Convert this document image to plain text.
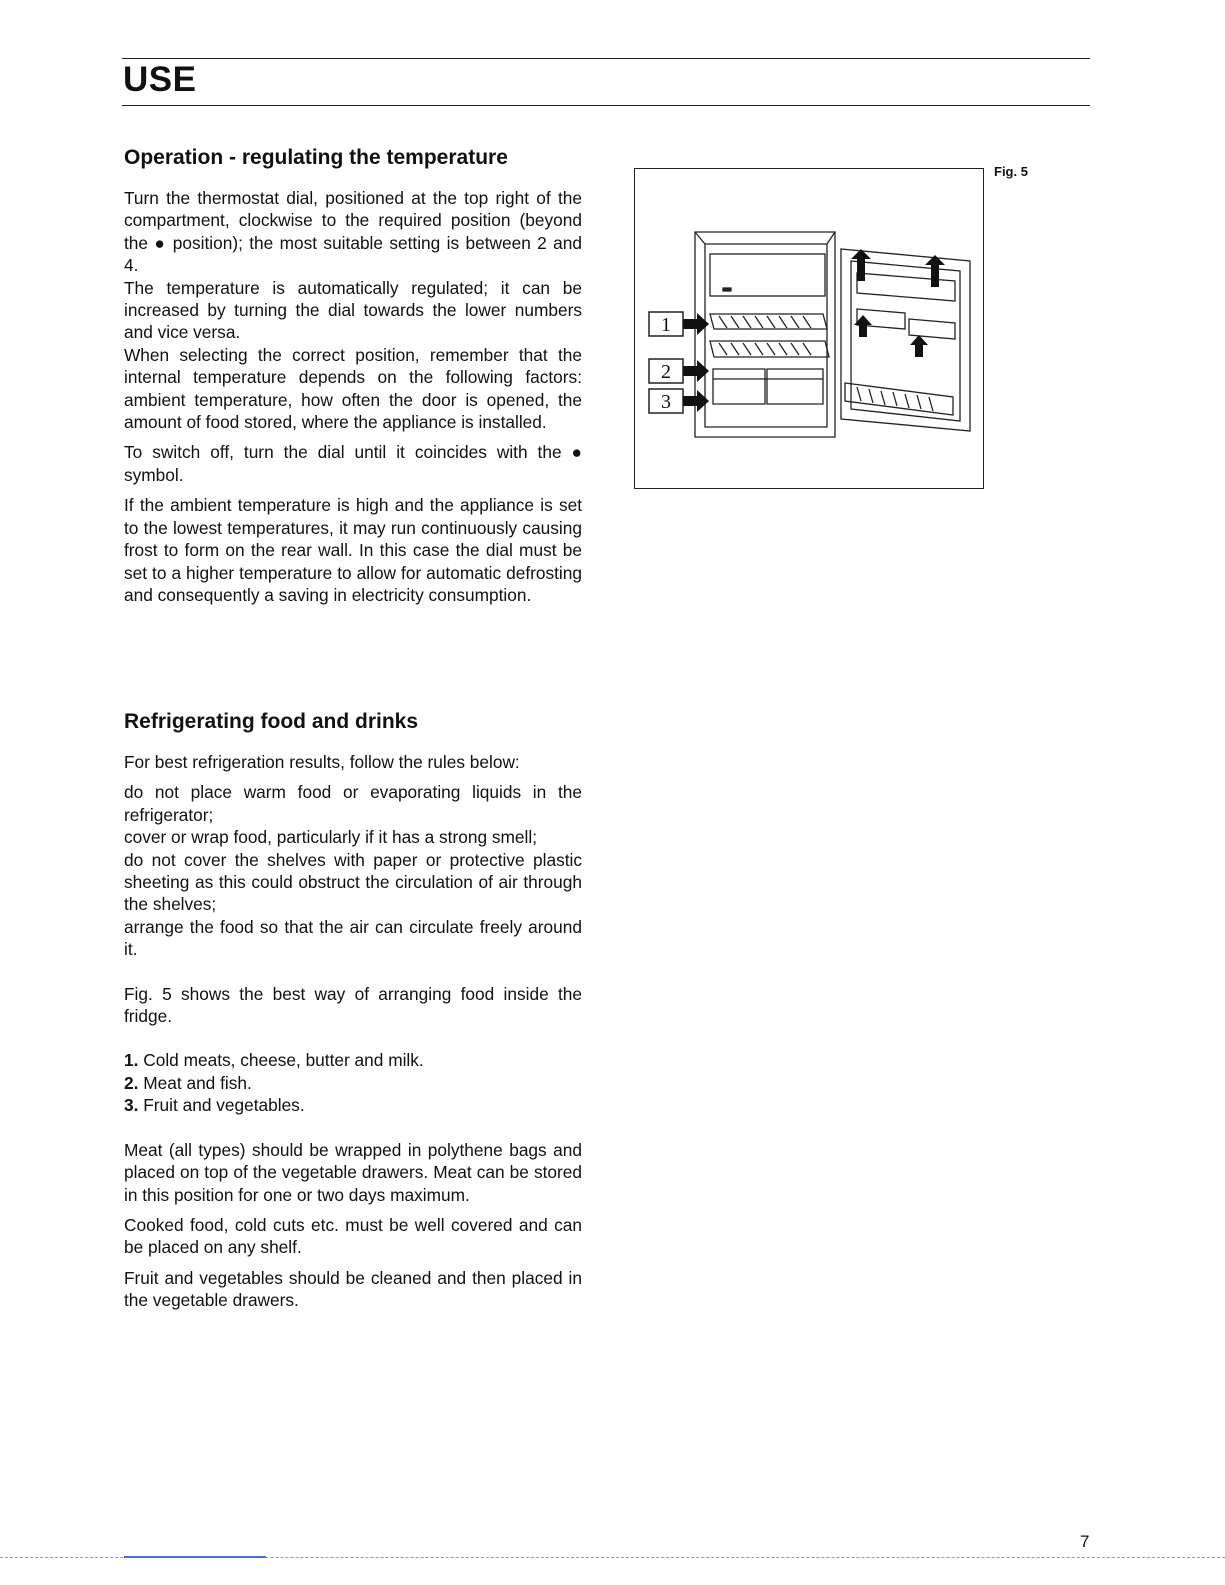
USE
Operation - regulating the temperature

Turn the thermostat dial, positioned at the top right of the compartment, clockwise to the required position (beyond the ● position); the most suitable setting is between 2 and 4.

The temperature is automatically regulated; it can be increased by turning the dial towards the lower numbers and vice versa.

When selecting the correct position, remember that the internal temperature depends on the following factors: ambient temperature, how often the door is opened, the amount of food stored, where the appliance is installed.

To switch off, turn the dial until it coincides with the ● symbol.

If the ambient temperature is high and the appliance is set to the lowest temperatures, it may run continuously causing frost to form on the rear wall. In this case the dial must be set to a higher temperature to allow for automatic defrosting and consequently a saving in electricity consumption.

Refrigerating food and drinks

For best refrigeration results, follow the rules below:

do not place warm food or evaporating liquids in the refrigerator;

cover or wrap food, particularly if it has a strong smell;

do not cover the shelves with paper or protective plastic sheeting as this could obstruct the circulation of air through the shelves;

arrange the food so that the air can circulate freely around it.

Fig. 5 shows the best way of arranging food inside the fridge.

1. Cold meats, cheese, butter and milk.

2. Meat and fish.

3. Fruit and vegetables.

Meat (all types) should be wrapped in polythene bags and placed on top of the vegetable drawers. Meat can be stored in this position for one or two days maximum.

Cooked food, cold cuts etc. must be well covered and can be placed on any shelf.

Fruit and vegetables should be cleaned and then placed in the vegetable drawers.

1
2
3
Fig. 5
7
